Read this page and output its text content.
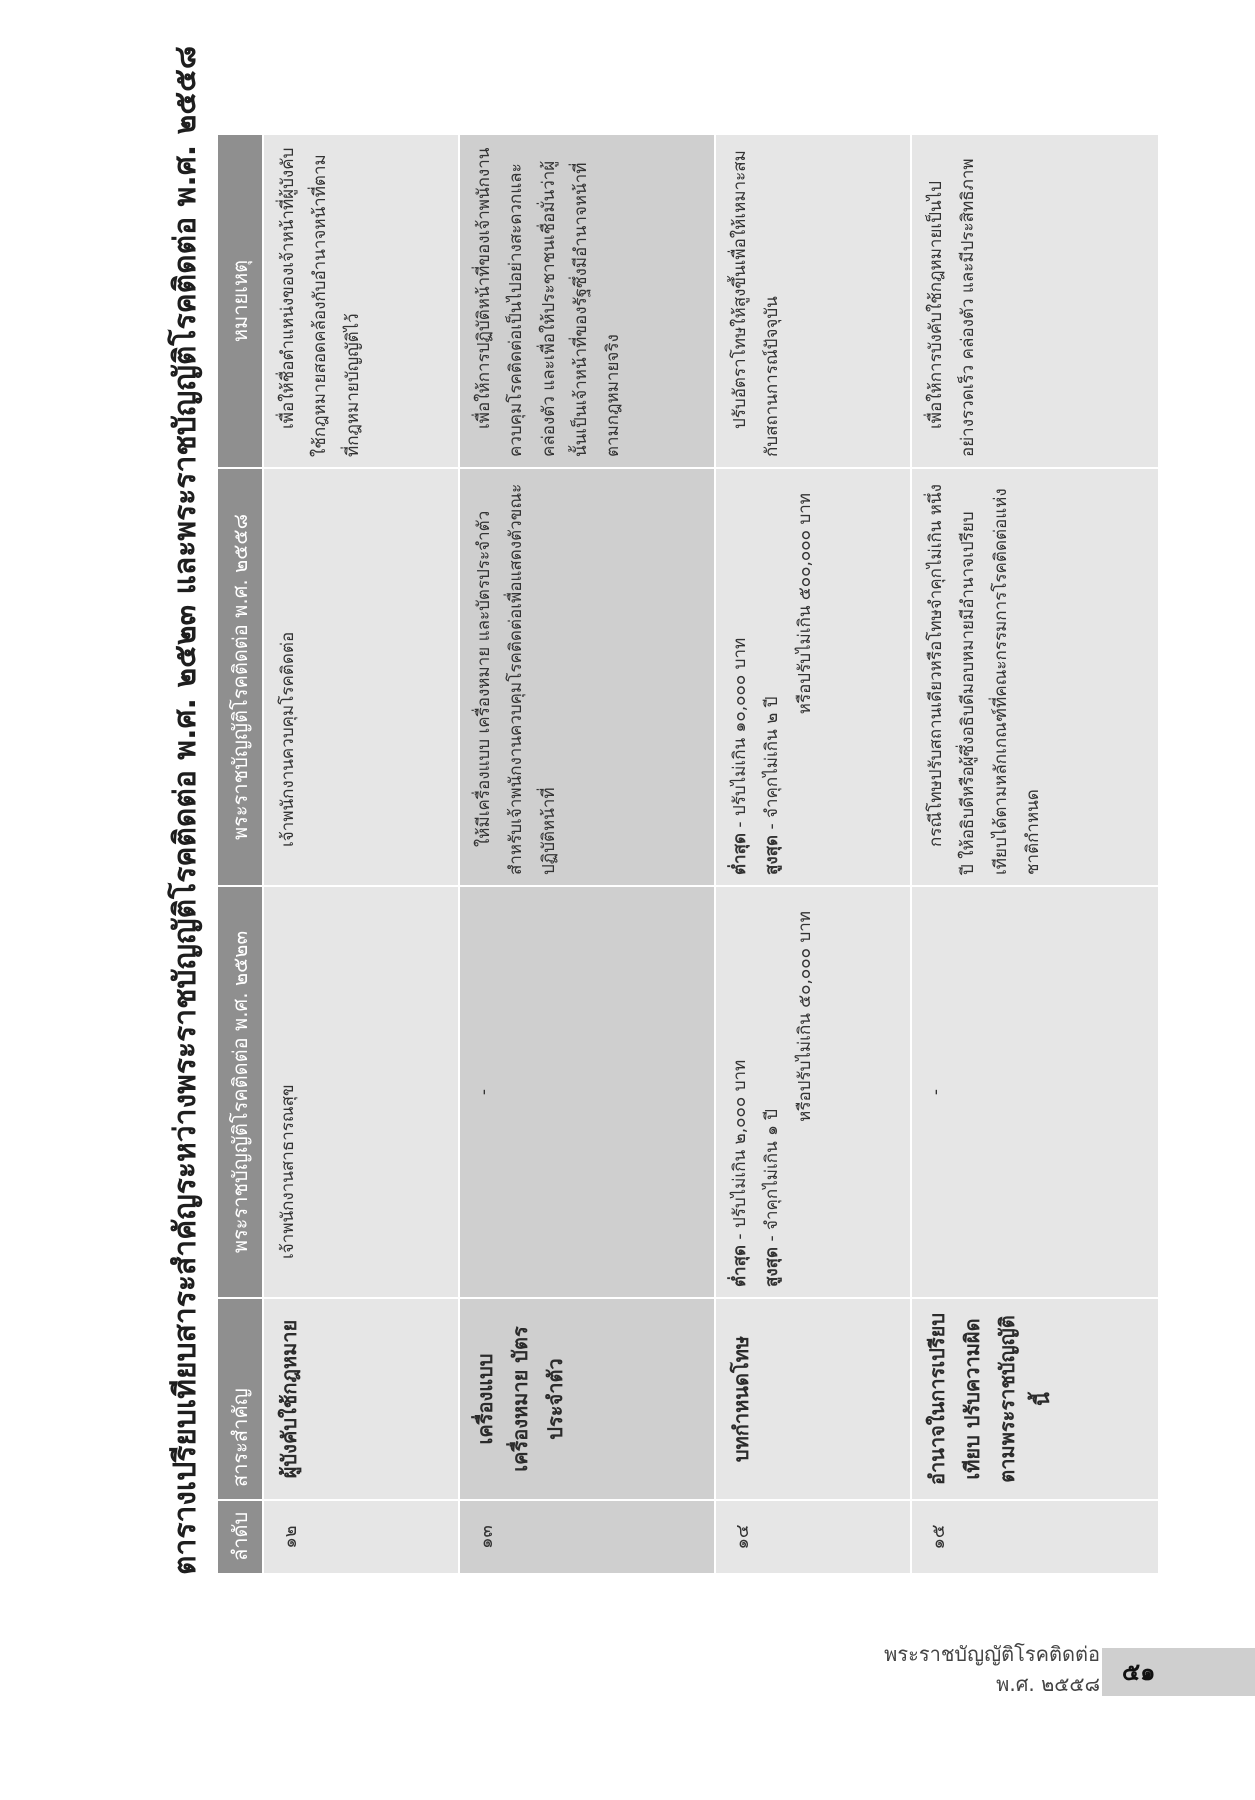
ตารางเปรียบเทียบสาระสำคัญระหว่างพระราชบัญญัติโรคติดต่อ พ.ศ. ๒๕๒๓ และพระราชบัญญัติโรคติดต่อ พ.ศ. ๒๕๕๘	ลำดับ	สาระสำคัญ	พระราชบัญญัติโรคติดต่อ พ.ศ. ๒๕๒๓	พระราชบัญญัติโรคติดต่อ พ.ศ. ๒๕๕๘	หมายเหตุ
๑๒	ผู้บังคับใช้กฎหมาย	เจ้าพนักงานสาธารณสุข	เจ้าพนักงานควบคุมโรคติดต่อ	เพื่อให้ชื่อตำแหน่งของเจ้าหน้าที่ผู้บังคับใช้กฎหมายสอดคล้องกับอำนาจหน้าที่ตามที่กฎหมายบัญญัติไว้

๑๓	เครื่องแบบ เครื่องหมาย บัตรประจำตัว	-	ให้มีเครื่องแบบ เครื่องหมาย และบัตรประจำตัวสำหรับเจ้าพนักงานควบคุมโรคติดต่อเพื่อแสดงตัวขณะปฏิบัติหน้าที่	เพื่อให้การปฏิบัติหน้าที่ของเจ้าพนักงานควบคุมโรคติดต่อเป็นไปอย่างสะดวกและคล่องตัว และเพื่อให้ประชาชนเชื่อมั่นว่าผู้นั้นเป็นเจ้าหน้าที่ของรัฐซึ่งมีอำนาจหน้าที่ตามกฎหมายจริง

๑๔	บทกำหนดโทษ	ต่ำสุด - ปรับไม่เกิน ๒,๐๐๐ บาท
สูงสุด - จำคุกไม่เกิน ๑ ปี
หรือปรับไม่เกิน ๕๐,๐๐๐ บาท	ต่ำสุด - ปรับไม่เกิน ๑๐,๐๐๐ บาท
สูงสุด - จำคุกไม่เกิน ๒ ปี
หรือปรับไม่เกิน ๕๐๐,๐๐๐ บาท	ปรับอัตราโทษให้สูงขึ้นเพื่อให้เหมาะสมกับสถานการณ์ปัจจุบัน

๑๕	อำนาจในการเปรียบเทียบ ปรับความผิดตามพระราชบัญญัตินี้	-	กรณีโทษปรับสถานเดียวหรือโทษจำคุกไม่เกิน หนึ่งปี ให้อธิบดีหรือผู้ซึ่งอธิบดีมอบหมายมีอำนาจเปรียบเทียบได้ตามหลักเกณฑ์ที่คณะกรรมการโรคติดต่อแห่งชาติกำหนด	เพื่อให้การบังคับใช้กฎหมายเป็นไปอย่างรวดเร็ว คล่องตัว และมีประสิทธิภาพ
พระราชบัญญัติโรคติดต่อ
พ.ศ. ๒๕๕๘ ๕๑
